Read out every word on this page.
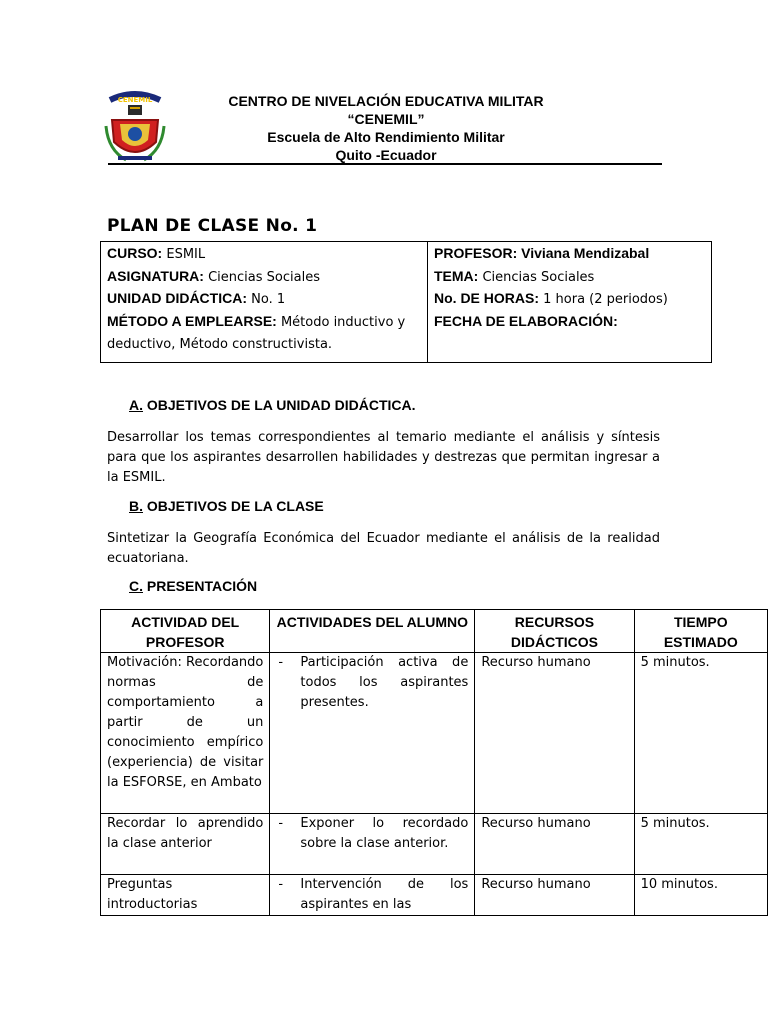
CENEMIL	CENTRO DE NIVELACIÓN EDUCATIVA MILITAR
“CENEMIL”
Escuela de Alto Rendimiento Militar
Quito -Ecuador
PLAN DE CLASE No. 1
CURSO: ESMIL
ASIGNATURA: Ciencias Sociales
UNIDAD DIDÁCTICA: No. 1
MÉTODO A EMPLEARSE: Método inductivo y deductivo, Método constructivista.
PROFESOR: Viviana Mendizabal
TEMA: Ciencias Sociales
No. DE HORAS: 1 hora (2 periodos)
FECHA DE ELABORACIÓN:
A. OBJETIVOS DE LA UNIDAD DIDÁCTICA.
Desarrollar los temas correspondientes al temario mediante el análisis y síntesis para que los aspirantes desarrollen habilidades y destrezas que permitan ingresar a la ESMIL.
B. OBJETIVOS DE LA CLASE
Sintetizar la Geografía Económica del Ecuador mediante el análisis de la realidad ecuatoriana.
C. PRESENTACIÓN
ACTIVIDAD DEL PROFESOR	ACTIVIDADES DEL ALUMNO	RECURSOS DIDÁCTICOS	TIEMPO ESTIMADO
Motivación: Recordando normas de comportamiento a partir de un conocimiento empírico (experiencia) de visitar la ESFORSE, en Ambato	- Participación activa de todos los aspirantes presentes.	Recurso humano	5 minutos.
Recordar lo aprendido la clase anterior	- Exponer lo recordado sobre la clase anterior.	Recurso humano	5 minutos.
Preguntas introductorias	- Intervención de los aspirantes en las	Recurso humano	10 minutos.
